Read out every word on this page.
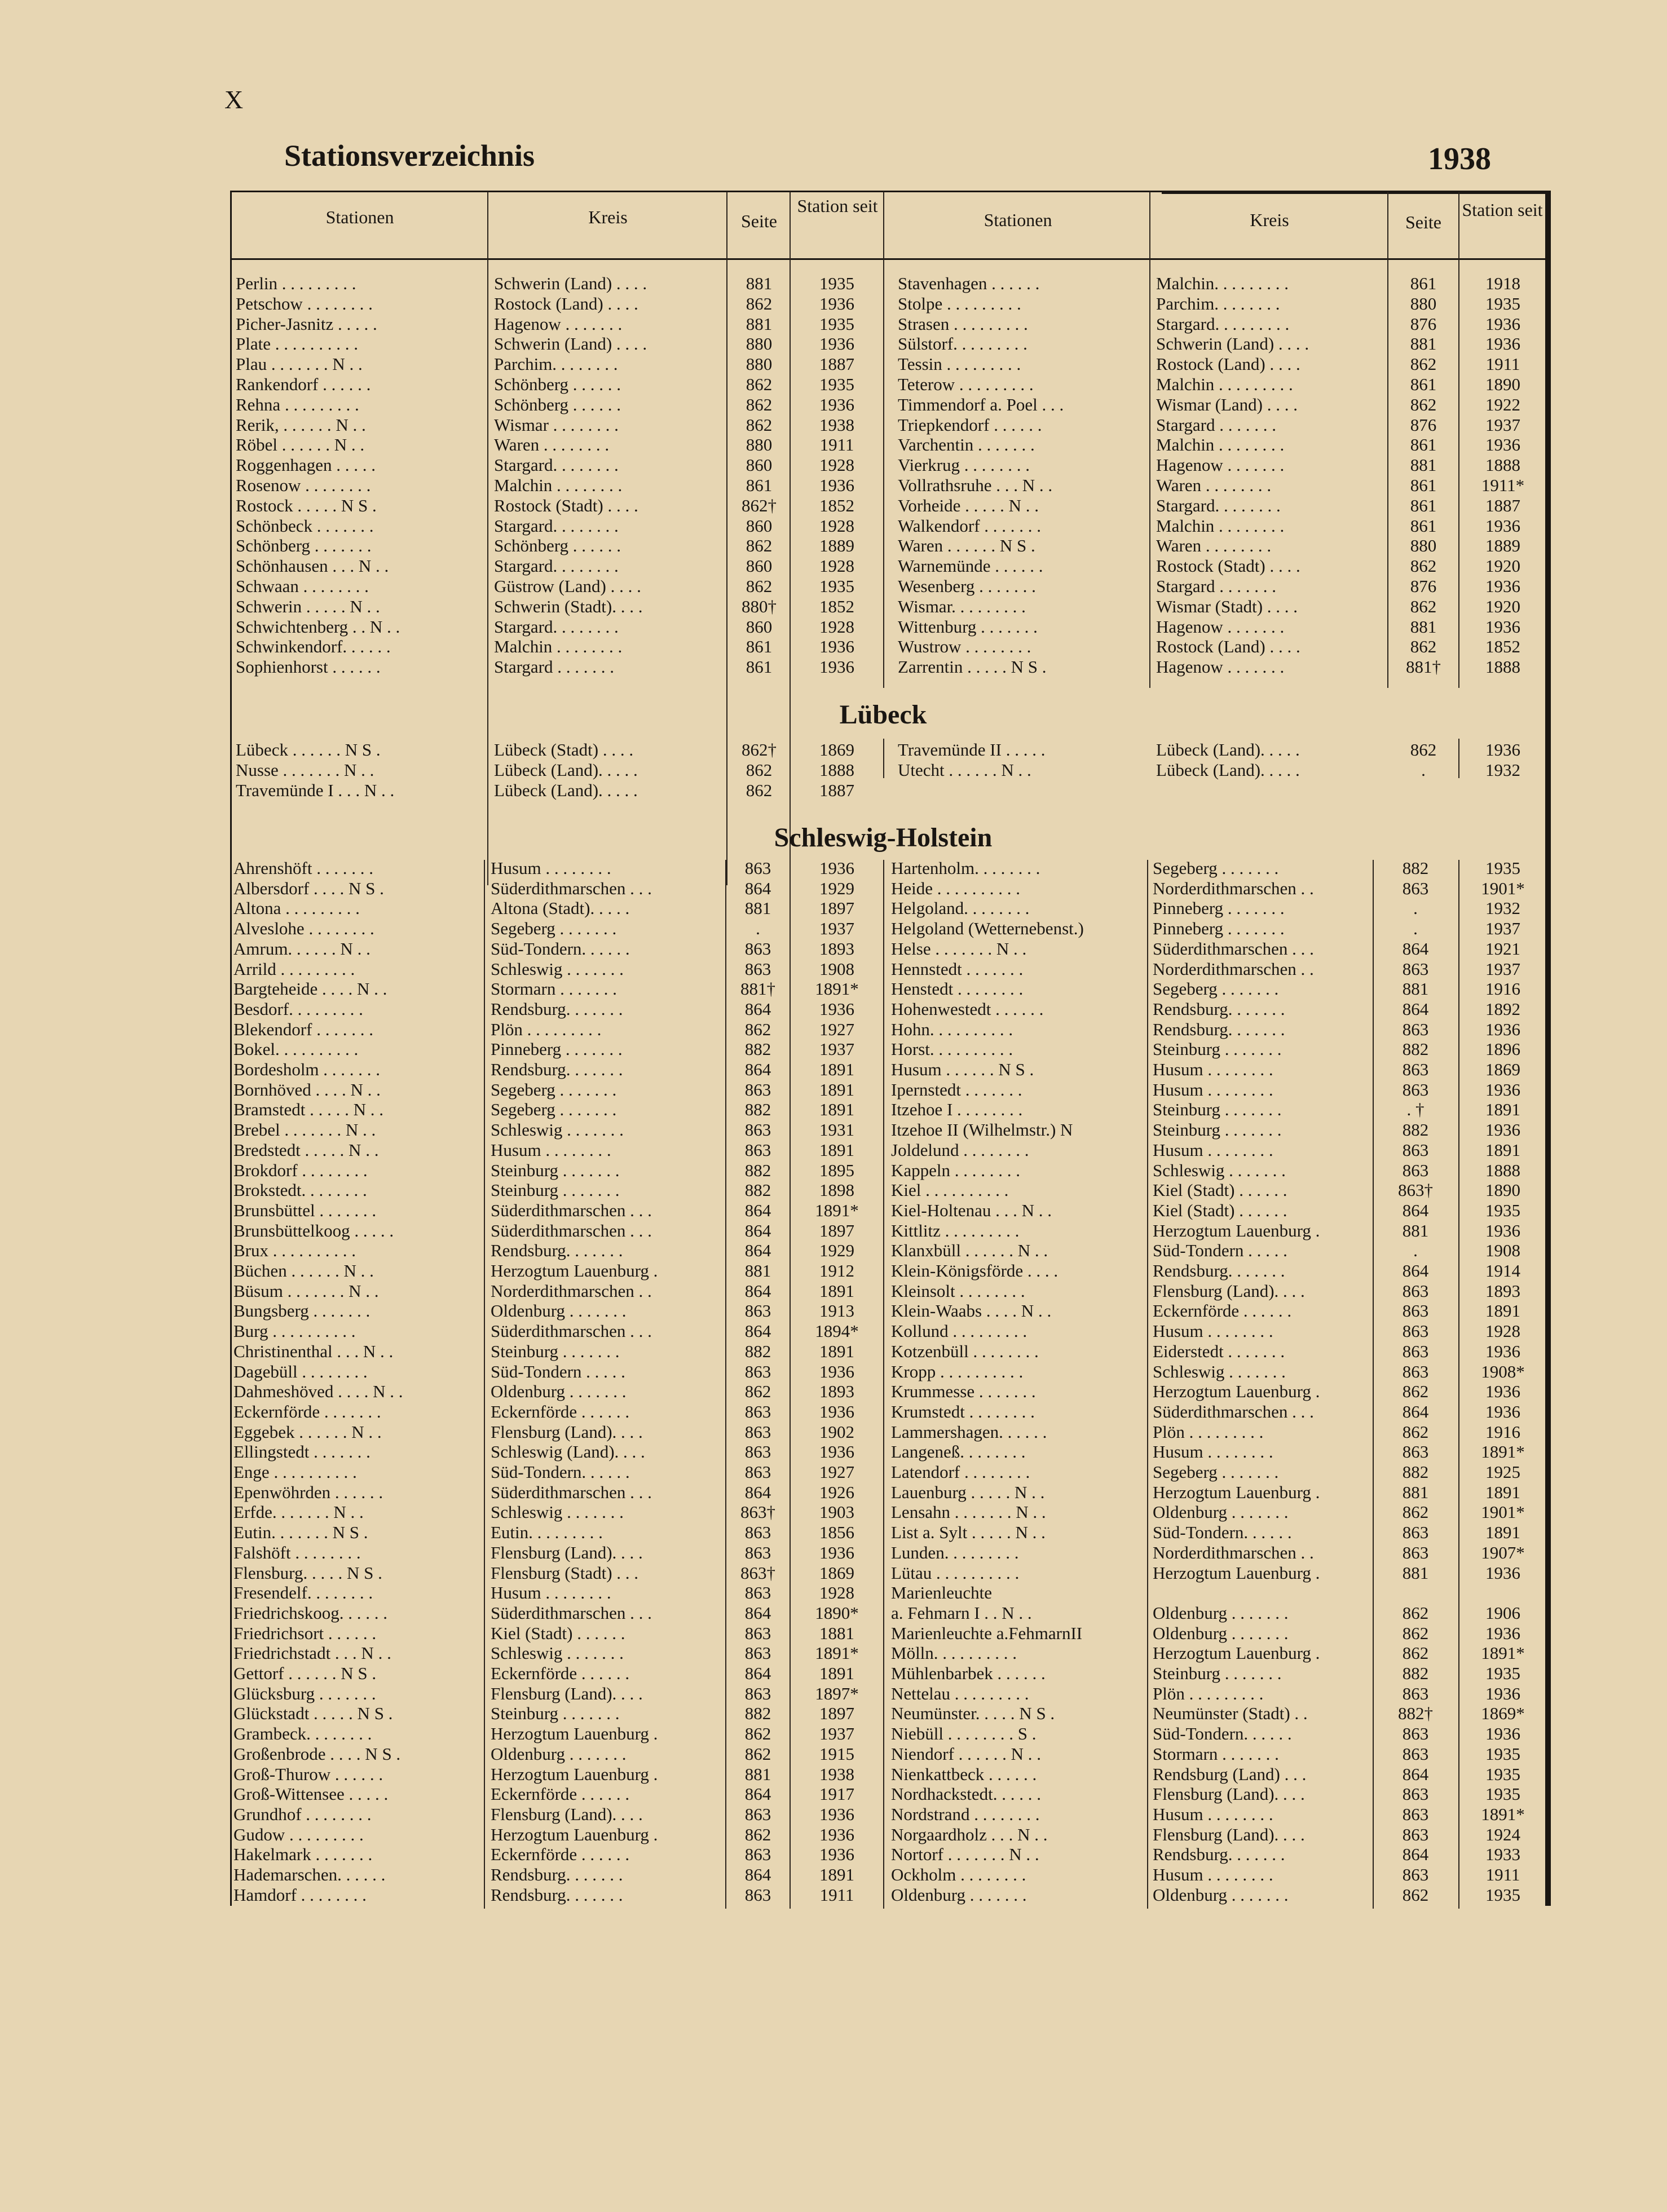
X
Stationsverzeichnis	1938
Stationen	Kreis	Seite
Station seit
Stationen	Kreis	Seite
Station seit
Lübeck
Schleswig-Holstein
Perlin . . . . . . . . .	Schwerin (Land) . . . .	881	1935
Petschow . . . . . . . .	Rostock (Land) . . . .	862	1936
Picher-Jasnitz . . . . .	Hagenow . . . . . . .	881	1935
Plate . . . . . . . . . .	Schwerin (Land) . . . .	880	1936
Plau . . . . . . . N . .	Parchim. . . . . . . .	880	1887
Rankendorf . . . . . .	Schönberg . . . . . .	862	1935
Rehna . . . . . . . . .	Schönberg . . . . . .	862	1936
Rerik, . . . . . . N . .	Wismar . . . . . . . .	862	1938
Röbel . . . . . . N . .	Waren . . . . . . . .	880	1911
Roggenhagen . . . . .	Stargard. . . . . . . .	860	1928
Rosenow . . . . . . . .	Malchin . . . . . . . .	861	1936
Rostock . . . . . N S .	Rostock (Stadt) . . . .	862†	1852
Schönbeck . . . . . . .	Stargard. . . . . . . .	860	1928
Schönberg . . . . . . .	Schönberg . . . . . .	862	1889
Schönhausen . . . N . .	Stargard. . . . . . . .	860	1928
Schwaan . . . . . . . .	Güstrow (Land) . . . .	862	1935
Schwerin . . . . . N . .	Schwerin (Stadt). . . .	880†	1852
Schwichtenberg . . N . .	Stargard. . . . . . . .	860	1928
Schwinkendorf. . . . . .	Malchin . . . . . . . .	861	1936
Sophienhorst . . . . . .	Stargard . . . . . . .	861	1936
Stavenhagen . . . . . .	Malchin. . . . . . . . .	861	1918
Stolpe . . . . . . . . .	Parchim. . . . . . . .	880	1935
Strasen . . . . . . . . .	Stargard. . . . . . . . .	876	1936
Sülstorf. . . . . . . . .	Schwerin (Land) . . . .	881	1936
Tessin . . . . . . . . .	Rostock (Land) . . . .	862	1911
Teterow . . . . . . . . .	Malchin . . . . . . . . .	861	1890
Timmendorf a. Poel . . .	Wismar (Land) . . . .	862	1922
Triepkendorf . . . . . .	Stargard . . . . . . .	876	1937
Varchentin . . . . . . .	Malchin . . . . . . . .	861	1936
Vierkrug . . . . . . . .	Hagenow . . . . . . .	881	1888
Vollrathsruhe . . . N . .	Waren . . . . . . . .	861	1911*
Vorheide . . . . . N . .	Stargard. . . . . . . .	861	1887
Walkendorf . . . . . . .	Malchin . . . . . . . .	861	1936
Waren . . . . . . N S .	Waren . . . . . . . .	880	1889
Warnemünde . . . . . .	Rostock (Stadt) . . . .	862	1920
Wesenberg . . . . . . .	Stargard . . . . . . .	876	1936
Wismar. . . . . . . . .	Wismar (Stadt) . . . .	862	1920
Wittenburg . . . . . . .	Hagenow . . . . . . .	881	1936
Wustrow . . . . . . . .	Rostock (Land) . . . .	862	1852
Zarrentin . . . . . N S .	Hagenow . . . . . . .	881†	1888
Lübeck . . . . . . N S .	Lübeck (Stadt) . . . .	862†	1869
Nusse . . . . . . . N . .	Lübeck (Land). . . . .	862	1888
Travemünde I . . . N . .	Lübeck (Land). . . . .	862	1887
Travemünde II . . . . .	Lübeck (Land). . . . .	862	1936
Utecht . . . . . . N . .	Lübeck (Land). . . . .	.	1932
Ahrenshöft . . . . . . .	Husum . . . . . . . .	863	1936
Albersdorf . . . . N S .	Süderdithmarschen . . .	864	1929
Altona . . . . . . . . .	Altona (Stadt). . . . .	881	1897
Alveslohe . . . . . . . .	Segeberg . . . . . . .	.	1937
Amrum. . . . . . N . .	Süd-Tondern. . . . . .	863	1893
Arrild . . . . . . . . .	Schleswig . . . . . . .	863	1908
Bargteheide . . . . N . .	Stormarn . . . . . . .	881†	1891*
Besdorf. . . . . . . . .	Rendsburg. . . . . . .	864	1936
Blekendorf . . . . . . .	Plön . . . . . . . . .	862	1927
Bokel. . . . . . . . . .	Pinneberg . . . . . . .	882	1937
Bordesholm . . . . . . .	Rendsburg. . . . . . .	864	1891
Bornhöved . . . . N . .	Segeberg . . . . . . .	863	1891
Bramstedt . . . . . N . .	Segeberg . . . . . . .	882	1891
Brebel . . . . . . . N . .	Schleswig . . . . . . .	863	1931
Bredstedt . . . . . N . .	Husum . . . . . . . .	863	1891
Brokdorf . . . . . . . .	Steinburg . . . . . . .	882	1895
Brokstedt. . . . . . . .	Steinburg . . . . . . .	882	1898
Brunsbüttel . . . . . . .	Süderdithmarschen . . .	864	1891*
Brunsbüttelkoog . . . . .	Süderdithmarschen . . .	864	1897
Brux . . . . . . . . . .	Rendsburg. . . . . . .	864	1929
Büchen . . . . . . N . .	Herzogtum Lauenburg .	881	1912
Büsum . . . . . . . N . .	Norderdithmarschen . .	864	1891
Bungsberg . . . . . . .	Oldenburg . . . . . . .	863	1913
Burg . . . . . . . . . .	Süderdithmarschen . . .	864	1894*
Christinenthal . . . N . .	Steinburg . . . . . . .	882	1891
Dagebüll . . . . . . . .	Süd-Tondern . . . . .	863	1936
Dahmeshöved . . . . N . .	Oldenburg . . . . . . .	862	1893
Eckernförde . . . . . . .	Eckernförde . . . . . .	863	1936
Eggebek . . . . . . N . .	Flensburg (Land). . . .	863	1902
Ellingstedt . . . . . . .	Schleswig (Land). . . .	863	1936
Enge . . . . . . . . . .	Süd-Tondern. . . . . .	863	1927
Epenwöhrden . . . . . .	Süderdithmarschen . . .	864	1926
Erfde. . . . . . . N . .	Schleswig . . . . . . .	863†	1903
Eutin. . . . . . . N S .	Eutin. . . . . . . . .	863	1856
Falshöft . . . . . . . .	Flensburg (Land). . . .	863	1936
Flensburg. . . . . N S .	Flensburg (Stadt) . . .	863†	1869
Fresendelf. . . . . . . .	Husum . . . . . . . .	863	1928
Friedrichskoog. . . . . .	Süderdithmarschen . . .	864	1890*
Friedrichsort . . . . . .	Kiel (Stadt) . . . . . .	863	1881
Friedrichstadt . . . N . .	Schleswig . . . . . . .	863	1891*
Gettorf . . . . . . N S .	Eckernförde . . . . . .	864	1891
Glücksburg . . . . . . .	Flensburg (Land). . . .	863	1897*
Glückstadt . . . . . N S .	Steinburg . . . . . . .	882	1897
Grambeck. . . . . . . .	Herzogtum Lauenburg .	862	1937
Großenbrode . . . . N S .	Oldenburg . . . . . . .	862	1915
Groß-Thurow . . . . . .	Herzogtum Lauenburg .	881	1938
Groß-Wittensee . . . . .	Eckernförde . . . . . .	864	1917
Grundhof . . . . . . . .	Flensburg (Land). . . .	863	1936
Gudow . . . . . . . . .	Herzogtum Lauenburg .	862	1936
Hakelmark . . . . . . .	Eckernförde . . . . . .	863	1936
Hademarschen. . . . . .	Rendsburg. . . . . . .	864	1891
Hamdorf . . . . . . . .	Rendsburg. . . . . . .	863	1911
Hartenholm. . . . . . . .	Segeberg . . . . . . .	882	1935
Heide . . . . . . . . . .	Norderdithmarschen . .	863	1901*
Helgoland. . . . . . . .	Pinneberg . . . . . . .	.	1932
Helgoland (Wetternebenst.)	Pinneberg . . . . . . .	.	1937
Helse . . . . . . . N . .	Süderdithmarschen . . .	864	1921
Hennstedt . . . . . . .	Norderdithmarschen . .	863	1937
Henstedt . . . . . . . .	Segeberg . . . . . . .	881	1916
Hohenwestedt . . . . . .	Rendsburg. . . . . . .	864	1892
Hohn. . . . . . . . . .	Rendsburg. . . . . . .	863	1936
Horst. . . . . . . . . .	Steinburg . . . . . . .	882	1896
Husum . . . . . . N S .	Husum . . . . . . . .	863	1869
Ipernstedt . . . . . . .	Husum . . . . . . . .	863	1936
Itzehoe I . . . . . . . .	Steinburg . . . . . . .	. †	1891
Itzehoe II (Wilhelmstr.) N	Steinburg . . . . . . .	882	1936
Joldelund . . . . . . . .	Husum . . . . . . . .	863	1891
Kappeln . . . . . . . .	Schleswig . . . . . . .	863	1888
Kiel . . . . . . . . . .	Kiel (Stadt) . . . . . .	863†	1890
Kiel-Holtenau . . . N . .	Kiel (Stadt) . . . . . .	864	1935
Kittlitz . . . . . . . . .	Herzogtum Lauenburg .	881	1936
Klanxbüll . . . . . . N . .	Süd-Tondern . . . . .	.	1908
Klein-Königsförde . . . .	Rendsburg. . . . . . .	864	1914
Kleinsolt . . . . . . . .	Flensburg (Land). . . .	863	1893
Klein-Waabs . . . . N . .	Eckernförde . . . . . .	863	1891
Kollund . . . . . . . . .	Husum . . . . . . . .	863	1928
Kotzenbüll . . . . . . . .	Eiderstedt . . . . . . .	863	1936
Kropp . . . . . . . . . .	Schleswig . . . . . . .	863	1908*
Krummesse . . . . . . .	Herzogtum Lauenburg .	862	1936
Krumstedt . . . . . . . .	Süderdithmarschen . . .	864	1936
Lammershagen. . . . . .	Plön . . . . . . . . .	862	1916
Langeneß. . . . . . . .	Husum . . . . . . . .	863	1891*
Latendorf . . . . . . . .	Segeberg . . . . . . .	882	1925
Lauenburg . . . . . N . .	Herzogtum Lauenburg .	881	1891
Lensahn . . . . . . . N . .	Oldenburg . . . . . . .	862	1901*
List a. Sylt . . . . . N . .	Süd-Tondern. . . . . .	863	1891
Lunden. . . . . . . . .	Norderdithmarschen . .	863	1907*
Lütau . . . . . . . . . .	Herzogtum Lauenburg .	881	1936
Marienleuchte
a. Fehmarn I . . N . .	Oldenburg . . . . . . .	862	1906
Marienleuchte a.FehmarnII	Oldenburg . . . . . . .	862	1936
Mölln. . . . . . . . . .	Herzogtum Lauenburg .	862	1891*
Mühlenbarbek . . . . . .	Steinburg . . . . . . .	882	1935
Nettelau . . . . . . . . .	Plön . . . . . . . . .	863	1936
Neumünster. . . . . N S .	Neumünster (Stadt) . .	882†	1869*
Niebüll . . . . . . . . S .	Süd-Tondern. . . . . .	863	1936
Niendorf . . . . . . N . .	Stormarn . . . . . . .	863	1935
Nienkattbeck . . . . . .	Rendsburg (Land) . . .	864	1935
Nordhackstedt. . . . . .	Flensburg (Land). . . .	863	1935
Nordstrand . . . . . . . .	Husum . . . . . . . .	863	1891*
Norgaardholz . . . N . .	Flensburg (Land). . . .	863	1924
Nortorf . . . . . . . N . .	Rendsburg. . . . . . .	864	1933
Ockholm . . . . . . . .	Husum . . . . . . . .	863	1911
Oldenburg . . . . . . .	Oldenburg . . . . . . .	862	1935
